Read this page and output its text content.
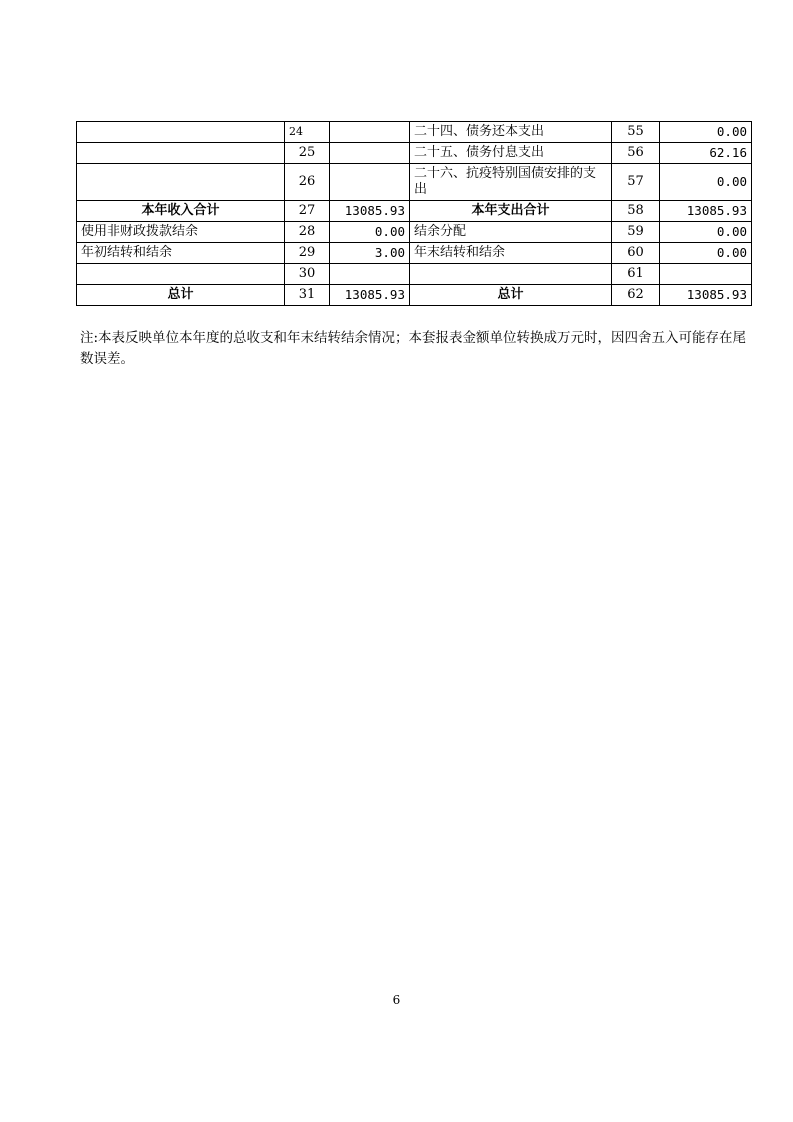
	24		二十四、债务还本支出	55	0.00
	25		二十五、债务付息支出	56	62.16
	26		二十六、抗疫特别国债安排的支出	57	0.00
本年收入合计	27	13085.93	本年支出合计	58	13085.93
使用非财政拨款结余	28	0.00	结余分配	59	0.00
年初结转和结余	29	3.00	年末结转和结余	60	0.00
	30			61	
总计	31	13085.93	总计	62	13085.93
注:本表反映单位本年度的总收支和年末结转结余情况；本套报表金额单位转换成万元时，因四舍五入可能存在尾数误差。
6
